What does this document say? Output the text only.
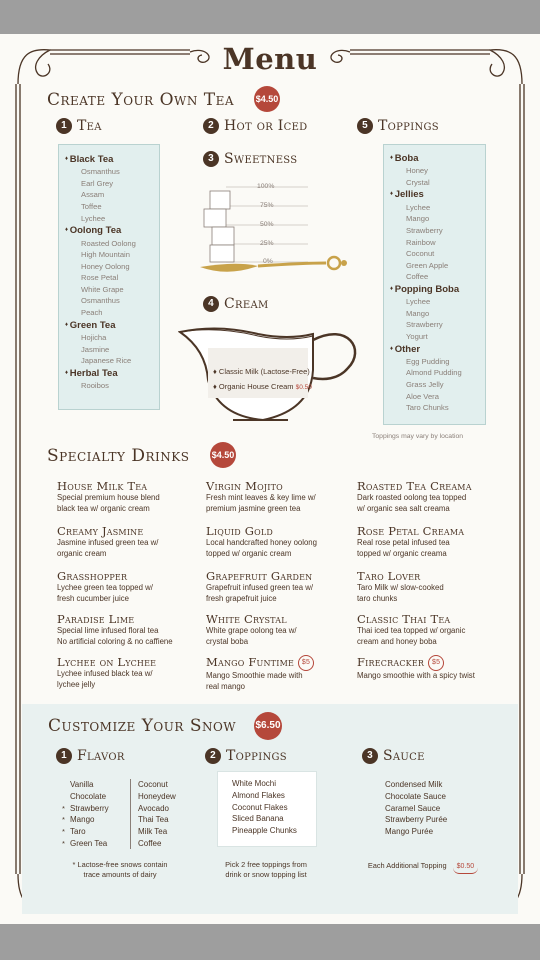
Menu
Create Your Own Tea $4.50
1 Tea	2 Hot or Iced
3 Sweetness
5 Toppings
♦ Black Tea
Osmanthus
Earl Grey
Assam
Toffee
Lychee
♦ Oolong Tea
Roasted Oolong
High Mountain
Honey Oolong
Rose Petal
White Grape
Osmanthus
Peach
♦ Green Tea
Hojicha
Jasmine
Japanese Rice
♦ Herbal Tea
Rooibos
100%
75%
50%
25%
0%
4 Cream
♦ Classic Milk (Lactose-Free)
♦ Organic House Cream $0.50
♦ Boba
Honey
Crystal
♦ Jellies
Lychee
Mango
Strawberry
Rainbow
Coconut
Green Apple
Coffee
♦ Popping Boba
Lychee
Mango
Strawberry
Yogurt
♦ Other
Egg Pudding
Almond Pudding
Grass Jelly
Aloe Vera
Taro Chunks
Toppings may vary by location
Specialty Drinks $4.50
House Milk Tea
Special premium house blend
black tea w/ organic cream
Virgin Mojito
Fresh mint leaves & key lime w/
premium jasmine green tea
Roasted Tea Creama
Dark roasted oolong tea topped
w/ organic sea salt creama
Creamy Jasmine
Jasmine infused green tea w/
organic cream
Liquid Gold
Local handcrafted honey oolong
topped w/ organic cream
Rose Petal Creama
Real rose petal infused tea
topped w/ organic creama
Grasshopper
Lychee green tea topped w/
fresh cucumber juice
Grapefruit Garden
Grapefruit infused green tea w/
fresh grapefruit juice
Taro Lover
Taro Milk w/ slow-cooked
taro chunks
Paradise Lime
Special lime infused floral tea
No artificial coloring & no caffiene
White Crystal
White grape oolong tea w/
crystal boba
Classic Thai Tea
Thai iced tea topped w/ organic
cream and honey boba
Lychee on Lychee
Lychee infused black tea w/
lychee jelly
Mango Funtime $5
Mango Smoothie made with
real mango
Firecracker $5
Mango smoothie with a spicy twist
Customize Your Snow $6.50
1 Flavor	2 Toppings	3 Sauce
Vanilla
Chocolate
* Strawberry
* Mango
* Taro
* Green Tea
Coconut
Honeydew
Avocado
Thai Tea
Milk Tea
Coffee
White Mochi
Almond Flakes
Coconut Flakes
Sliced Banana
Pineapple Chunks
Condensed Milk
Chocolate Sauce
Caramel Sauce
Strawberry Purée
Mango Purée
* Lactose-free snows contain
trace amounts of dairy
Pick 2 free toppings from
drink or snow topping list
Each Additional Topping $0.50
